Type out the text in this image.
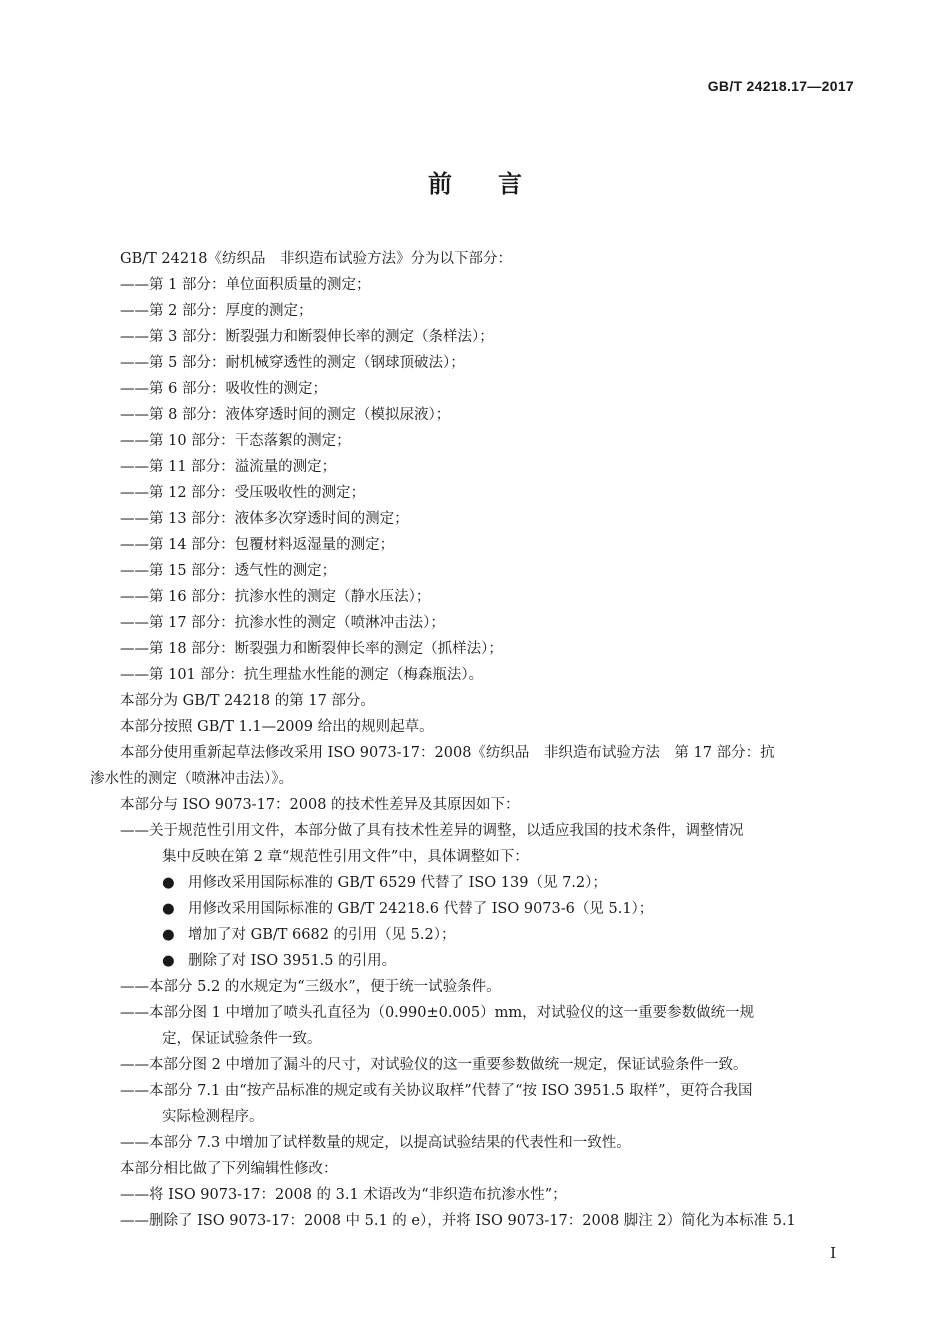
GB/T 24218.17—2017
前言
GB/T 24218《纺织品　非织造布试验方法》分为以下部分：
——第 1 部分：单位面积质量的测定；
——第 2 部分：厚度的测定；
——第 3 部分：断裂强力和断裂伸长率的测定（条样法）；
——第 5 部分：耐机械穿透性的测定（钢球顶破法）；
——第 6 部分：吸收性的测定；
——第 8 部分：液体穿透时间的测定（模拟尿液）；
——第 10 部分：干态落絮的测定；
——第 11 部分：溢流量的测定；
——第 12 部分：受压吸收性的测定；
——第 13 部分：液体多次穿透时间的测定；
——第 14 部分：包覆材料返湿量的测定；
——第 15 部分：透气性的测定；
——第 16 部分：抗渗水性的测定（静水压法）；
——第 17 部分：抗渗水性的测定（喷淋冲击法）；
——第 18 部分：断裂强力和断裂伸长率的测定（抓样法）；
——第 101 部分：抗生理盐水性能的测定（梅森瓶法）。
本部分为 GB/T 24218 的第 17 部分。
本部分按照 GB/T 1.1—2009 给出的规则起草。
本部分使用重新起草法修改采用 ISO 9073-17：2008《纺织品　非织造布试验方法　第 17 部分：抗
渗水性的测定（喷淋冲击法）》。
本部分与 ISO 9073-17：2008 的技术性差异及其原因如下：
——关于规范性引用文件，本部分做了具有技术性差异的调整，以适应我国的技术条件，调整情况
集中反映在第 2 章“规范性引用文件”中，具体调整如下：
● 用修改采用国际标准的 GB/T 6529 代替了 ISO 139（见 7.2）；
● 用修改采用国际标准的 GB/T 24218.6 代替了 ISO 9073-6（见 5.1）；
● 增加了对 GB/T 6682 的引用（见 5.2）；
● 删除了对 ISO 3951.5 的引用。
——本部分 5.2 的水规定为“三级水”，便于统一试验条件。
——本部分图 1 中增加了喷头孔直径为（0.990±0.005）mm，对试验仪的这一重要参数做统一规
定，保证试验条件一致。
——本部分图 2 中增加了漏斗的尺寸，对试验仪的这一重要参数做统一规定，保证试验条件一致。
——本部分 7.1 由“按产品标准的规定或有关协议取样”代替了“按 ISO 3951.5 取样”，更符合我国
实际检测程序。
——本部分 7.3 中增加了试样数量的规定，以提高试验结果的代表性和一致性。
本部分相比做了下列编辑性修改：
——将 ISO 9073-17：2008 的 3.1 术语改为“非织造布抗渗水性”；
——删除了 ISO 9073-17：2008 中 5.1 的 e），并将 ISO 9073-17：2008 脚注 2）简化为本标准 5.1
I
